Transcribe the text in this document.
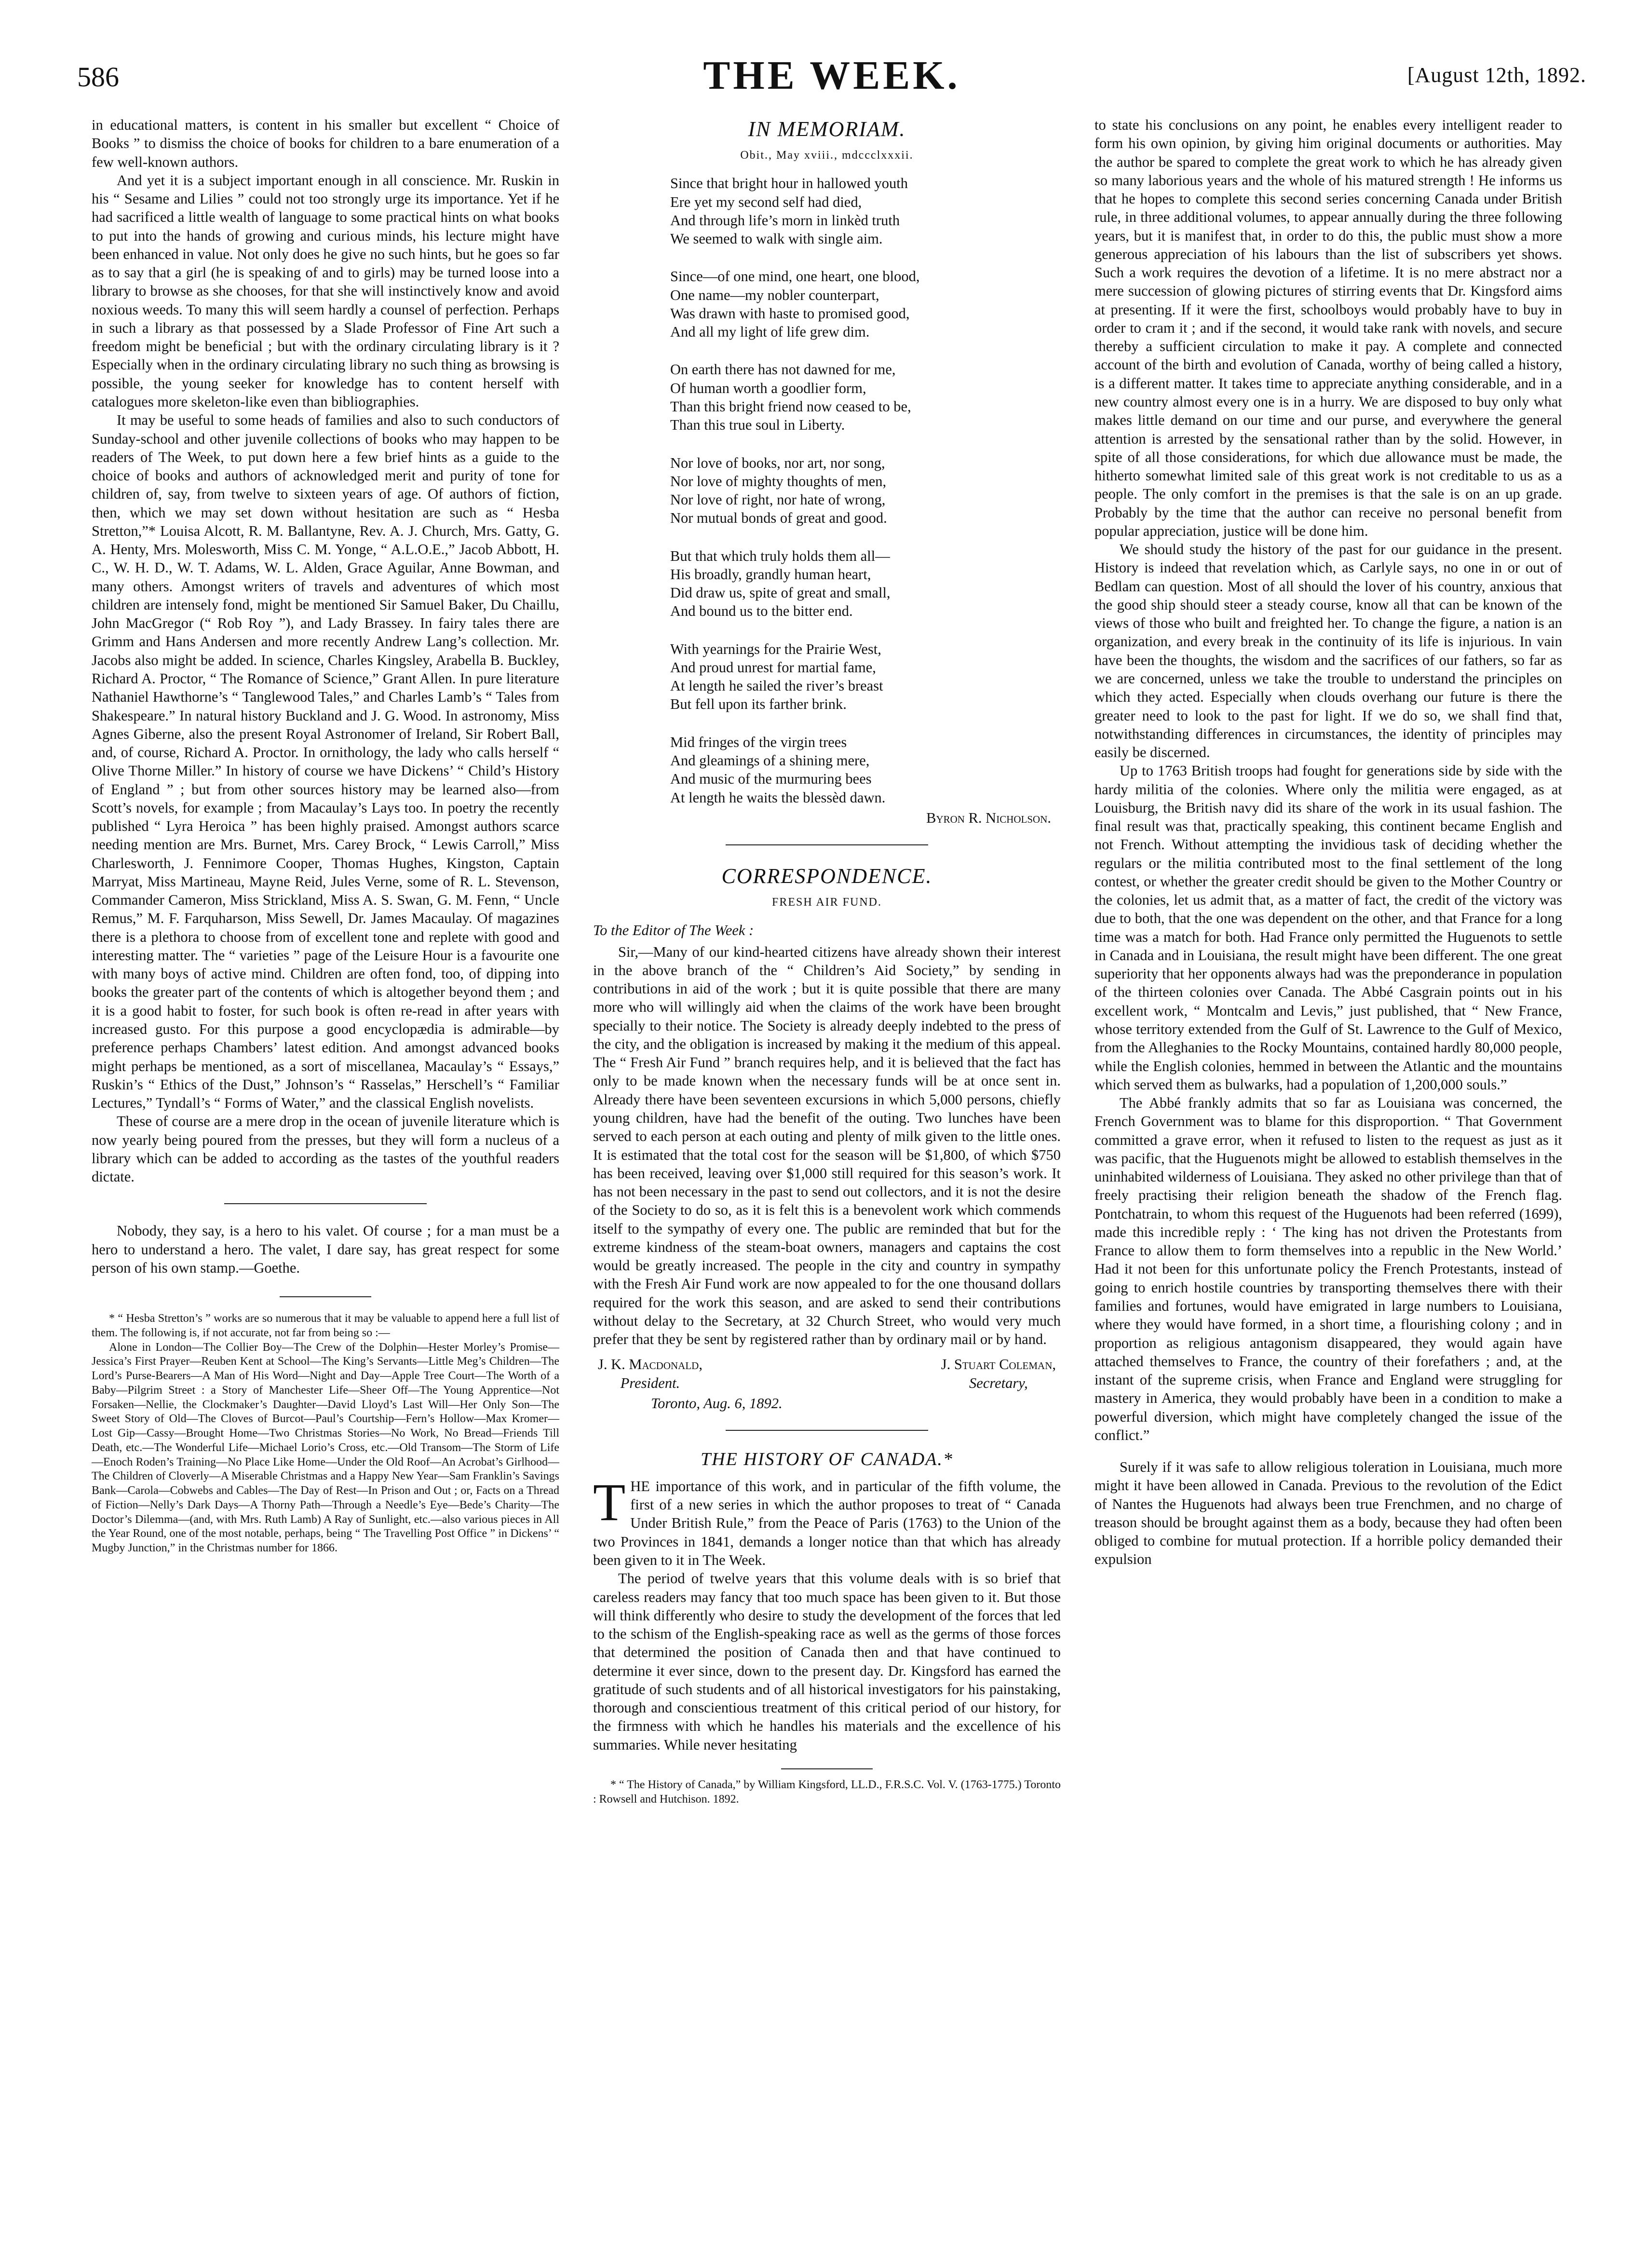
586	THE WEEK.	[August 12th, 1892.

in educational matters, is content in his smaller but excellent “ Choice of Books ” to dismiss the choice of books for children to a bare enumeration of a few well-known authors.

And yet it is a subject important enough in all conscience. Mr. Ruskin in his “ Sesame and Lilies ” could not too strongly urge its importance. Yet if he had sacrificed a little wealth of language to some practical hints on what books to put into the hands of growing and curious minds, his lecture might have been enhanced in value. Not only does he give no such hints, but he goes so far as to say that a girl (he is speaking of and to girls) may be turned loose into a library to browse as she chooses, for that she will instinctively know and avoid noxious weeds. To many this will seem hardly a counsel of perfection. Perhaps in such a library as that possessed by a Slade Professor of Fine Art such a freedom might be beneficial ; but with the ordinary circulating library is it ? Especially when in the ordinary circulating library no such thing as browsing is possible, the young seeker for knowledge has to content herself with catalogues more skeleton-like even than bibliographies.

It may be useful to some heads of families and also to such conductors of Sunday-school and other juvenile collections of books who may happen to be readers of The Week, to put down here a few brief hints as a guide to the choice of books and authors of acknowledged merit and purity of tone for children of, say, from twelve to sixteen years of age. Of authors of fiction, then, which we may set down without hesitation are such as “ Hesba Stretton,”* Louisa Alcott, R. M. Ballantyne, Rev. A. J. Church, Mrs. Gatty, G. A. Henty, Mrs. Molesworth, Miss C. M. Yonge, “ A.L.O.E.,” Jacob Abbott, H. C., W. H. D., W. T. Adams, W. L. Alden, Grace Aguilar, Anne Bowman, and many others. Amongst writers of travels and adventures of which most children are intensely fond, might be mentioned Sir Samuel Baker, Du Chaillu, John MacGregor (“ Rob Roy ”), and Lady Brassey. In fairy tales there are Grimm and Hans Andersen and more recently Andrew Lang’s collection. Mr. Jacobs also might be added. In science, Charles Kingsley, Arabella B. Buckley, Richard A. Proctor, “ The Romance of Science,” Grant Allen. In pure literature Nathaniel Hawthorne’s “ Tanglewood Tales,” and Charles Lamb’s “ Tales from Shakespeare.” In natural history Buckland and J. G. Wood. In astronomy, Miss Agnes Giberne, also the present Royal Astronomer of Ireland, Sir Robert Ball, and, of course, Richard A. Proctor. In ornithology, the lady who calls herself “ Olive Thorne Miller.” In history of course we have Dickens’ “ Child’s History of England ” ; but from other sources history may be learned also—from Scott’s novels, for example ; from Macaulay’s Lays too. In poetry the recently published “ Lyra Heroica ” has been highly praised. Amongst authors scarce needing mention are Mrs. Burnet, Mrs. Carey Brock, “ Lewis Carroll,” Miss Charlesworth, J. Fennimore Cooper, Thomas Hughes, Kingston, Captain Marryat, Miss Martineau, Mayne Reid, Jules Verne, some of R. L. Stevenson, Commander Cameron, Miss Strickland, Miss A. S. Swan, G. M. Fenn, “ Uncle Remus,” M. F. Farquharson, Miss Sewell, Dr. James Macaulay. Of magazines there is a plethora to choose from of excellent tone and replete with good and interesting matter. The “ varieties ” page of the Leisure Hour is a favourite one with many boys of active mind. Children are often fond, too, of dipping into books the greater part of the contents of which is altogether beyond them ; and it is a good habit to foster, for such book is often re-read in after years with increased gusto. For this purpose a good encyclopædia is admirable—by preference perhaps Chambers’ latest edition. And amongst advanced books might perhaps be mentioned, as a sort of miscellanea, Macaulay’s “ Essays,” Ruskin’s “ Ethics of the Dust,” Johnson’s “ Rasselas,” Herschell’s “ Familiar Lectures,” Tyndall’s “ Forms of Water,” and the classical English novelists.

These of course are a mere drop in the ocean of juvenile literature which is now yearly being poured from the presses, but they will form a nucleus of a library which can be added to according as the tastes of the youthful readers dictate.

Nobody, they say, is a hero to his valet. Of course ; for a man must be a hero to understand a hero. The valet, I dare say, has great respect for some person of his own stamp.—Goethe.

* “ Hesba Stretton’s ” works are so numerous that it may be valuable to append here a full list of them. The following is, if not accurate, not far from being so :—

Alone in London—The Collier Boy—The Crew of the Dolphin—Hester Morley’s Promise—Jessica’s First Prayer—Reuben Kent at School—The King’s Servants—Little Meg’s Children—The Lord’s Purse-Bearers—A Man of His Word—Night and Day—Apple Tree Court—The Worth of a Baby—Pilgrim Street : a Story of Manchester Life—Sheer Off—The Young Apprentice—Not Forsaken—Nellie, the Clockmaker’s Daughter—David Lloyd’s Last Will—Her Only Son—The Sweet Story of Old—The Cloves of Burcot—Paul’s Courtship—Fern’s Hollow—Max Kromer—Lost Gip—Cassy—Brought Home—Two Christmas Stories—No Work, No Bread—Friends Till Death, etc.—The Wonderful Life—Michael Lorio’s Cross, etc.—Old Transom—The Storm of Life—Enoch Roden’s Training—No Place Like Home—Under the Old Roof—An Acrobat’s Girlhood—The Children of Cloverly—A Miserable Christmas and a Happy New Year—Sam Franklin’s Savings Bank—Carola—Cobwebs and Cables—The Day of Rest—In Prison and Out ; or, Facts on a Thread of Fiction—Nelly’s Dark Days—A Thorny Path—Through a Needle’s Eye—Bede’s Charity—The Doctor’s Dilemma—(and, with Mrs. Ruth Lamb) A Ray of Sunlight, etc.—also various pieces in All the Year Round, one of the most notable, perhaps, being “ The Travelling Post Office ” in Dickens’ “ Mugby Junction,” in the Christmas number for 1866.

IN MEMORIAM.
Obit., May xviii., mdccclxxxii.
Since that bright hour in hallowed youth
Ere yet my second self had died,
And through life’s morn in linkèd truth
We seemed to walk with single aim.
Since—of one mind, one heart, one blood,
One name—my nobler counterpart,
Was drawn with haste to promised good,
And all my light of life grew dim.
On earth there has not dawned for me,
Of human worth a goodlier form,
Than this bright friend now ceased to be,
Than this true soul in Liberty.
Nor love of books, nor art, nor song,
Nor love of mighty thoughts of men,
Nor love of right, nor hate of wrong,
Nor mutual bonds of great and good.
But that which truly holds them all—
His broadly, grandly human heart,
Did draw us, spite of great and small,
And bound us to the bitter end.
With yearnings for the Prairie West,
And proud unrest for martial fame,
At length he sailed the river’s breast
But fell upon its farther brink.
Mid fringes of the virgin trees
And gleamings of a shining mere,
And music of the murmuring bees
At length he waits the blessèd dawn.
Byron R. Nicholson.
CORRESPONDENCE.
FRESH AIR FUND.

To the Editor of The Week :

Sir,—Many of our kind-hearted citizens have already shown their interest in the above branch of the “ Children’s Aid Society,” by sending in contributions in aid of the work ; but it is quite possible that there are many more who will willingly aid when the claims of the work have been brought specially to their notice. The Society is already deeply indebted to the press of the city, and the obligation is increased by making it the medium of this appeal. The “ Fresh Air Fund ” branch requires help, and it is believed that the fact has only to be made known when the necessary funds will be at once sent in. Already there have been seventeen excursions in which 5,000 persons, chiefly young children, have had the benefit of the outing. Two lunches have been served to each person at each outing and plenty of milk given to the little ones. It is estimated that the total cost for the season will be $1,800, of which $750 has been received, leaving over $1,000 still required for this season’s work. It has not been necessary in the past to send out collectors, and it is not the desire of the Society to do so, as it is felt this is a benevolent work which commends itself to the sympathy of every one. The public are reminded that but for the extreme kindness of the steam-boat owners, managers and captains the cost would be greatly increased. The people in the city and country in sympathy with the Fresh Air Fund work are now appealed to for the one thousand dollars required for the work this season, and are asked to send their contributions without delay to the Secretary, at 32 Church Street, who would very much prefer that they be sent by registered rather than by ordinary mail or by hand.

J. K. Macdonald,
President.
J. Stuart Coleman,
Secretary,

Toronto, Aug. 6, 1892.

THE HISTORY OF CANADA.*

THE importance of this work, and in particular of the fifth volume, the first of a new series in which the author proposes to treat of “ Canada Under British Rule,” from the Peace of Paris (1763) to the Union of the two Provinces in 1841, demands a longer notice than that which has already been given to it in The Week.

The period of twelve years that this volume deals with is so brief that careless readers may fancy that too much space has been given to it. But those will think differently who desire to study the development of the forces that led to the schism of the English-speaking race as well as the germs of those forces that determined the position of Canada then and that have continued to determine it ever since, down to the present day. Dr. Kingsford has earned the gratitude of such students and of all historical investigators for his painstaking, thorough and conscientious treatment of this critical period of our history, for the firmness with which he handles his materials and the excellence of his summaries. While never hesitating

* “ The History of Canada,” by William Kingsford, LL.D., F.R.S.C. Vol. V. (1763-1775.) Toronto : Rowsell and Hutchison. 1892.

to state his conclusions on any point, he enables every intelligent reader to form his own opinion, by giving him original documents or authorities. May the author be spared to complete the great work to which he has already given so many laborious years and the whole of his matured strength ! He informs us that he hopes to complete this second series concerning Canada under British rule, in three additional volumes, to appear annually during the three following years, but it is manifest that, in order to do this, the public must show a more generous appreciation of his labours than the list of subscribers yet shows. Such a work requires the devotion of a lifetime. It is no mere abstract nor a mere succession of glowing pictures of stirring events that Dr. Kingsford aims at presenting. If it were the first, schoolboys would probably have to buy in order to cram it ; and if the second, it would take rank with novels, and secure thereby a sufficient circulation to make it pay. A complete and connected account of the birth and evolution of Canada, worthy of being called a history, is a different matter. It takes time to appreciate anything considerable, and in a new country almost every one is in a hurry. We are disposed to buy only what makes little demand on our time and our purse, and everywhere the general attention is arrested by the sensational rather than by the solid. However, in spite of all those considerations, for which due allowance must be made, the hitherto somewhat limited sale of this great work is not creditable to us as a people. The only comfort in the premises is that the sale is on an up grade. Probably by the time that the author can receive no personal benefit from popular appreciation, justice will be done him.

We should study the history of the past for our guidance in the present. History is indeed that revelation which, as Carlyle says, no one in or out of Bedlam can question. Most of all should the lover of his country, anxious that the good ship should steer a steady course, know all that can be known of the views of those who built and freighted her. To change the figure, a nation is an organization, and every break in the continuity of its life is injurious. In vain have been the thoughts, the wisdom and the sacrifices of our fathers, so far as we are concerned, unless we take the trouble to understand the principles on which they acted. Especially when clouds overhang our future is there the greater need to look to the past for light. If we do so, we shall find that, notwithstanding differences in circumstances, the identity of principles may easily be discerned.

Up to 1763 British troops had fought for generations side by side with the hardy militia of the colonies. Where only the militia were engaged, as at Louisburg, the British navy did its share of the work in its usual fashion. The final result was that, practically speaking, this continent became English and not French. Without attempting the invidious task of deciding whether the regulars or the militia contributed most to the final settlement of the long contest, or whether the greater credit should be given to the Mother Country or the colonies, let us admit that, as a matter of fact, the credit of the victory was due to both, that the one was dependent on the other, and that France for a long time was a match for both. Had France only permitted the Huguenots to settle in Canada and in Louisiana, the result might have been different. The one great superiority that her opponents always had was the preponderance in population of the thirteen colonies over Canada. The Abbé Casgrain points out in his excellent work, “ Montcalm and Levis,” just published, that “ New France, whose territory extended from the Gulf of St. Lawrence to the Gulf of Mexico, from the Alleghanies to the Rocky Mountains, contained hardly 80,000 people, while the English colonies, hemmed in between the Atlantic and the mountains which served them as bulwarks, had a population of 1,200,000 souls.”

The Abbé frankly admits that so far as Louisiana was concerned, the French Government was to blame for this disproportion. “ That Government committed a grave error, when it refused to listen to the request as just as it was pacific, that the Huguenots might be allowed to establish themselves in the uninhabited wilderness of Louisiana. They asked no other privilege than that of freely practising their religion beneath the shadow of the French flag. Pontchatrain, to whom this request of the Huguenots had been referred (1699), made this incredible reply : ‘ The king has not driven the Protestants from France to allow them to form themselves into a republic in the New World.’ Had it not been for this unfortunate policy the French Protestants, instead of going to enrich hostile countries by transporting themselves there with their families and fortunes, would have emigrated in large numbers to Louisiana, where they would have formed, in a short time, a flourishing colony ; and in proportion as religious antagonism disappeared, they would again have attached themselves to France, the country of their forefathers ; and, at the instant of the supreme crisis, when France and England were struggling for mastery in America, they would probably have been in a condition to make a powerful diversion, which might have completely changed the issue of the conflict.”

Surely if it was safe to allow religious toleration in Louisiana, much more might it have been allowed in Canada. Previous to the revolution of the Edict of Nantes the Huguenots had always been true Frenchmen, and no charge of treason should be brought against them as a body, because they had often been obliged to combine for mutual protection. If a horrible policy demanded their expulsion
